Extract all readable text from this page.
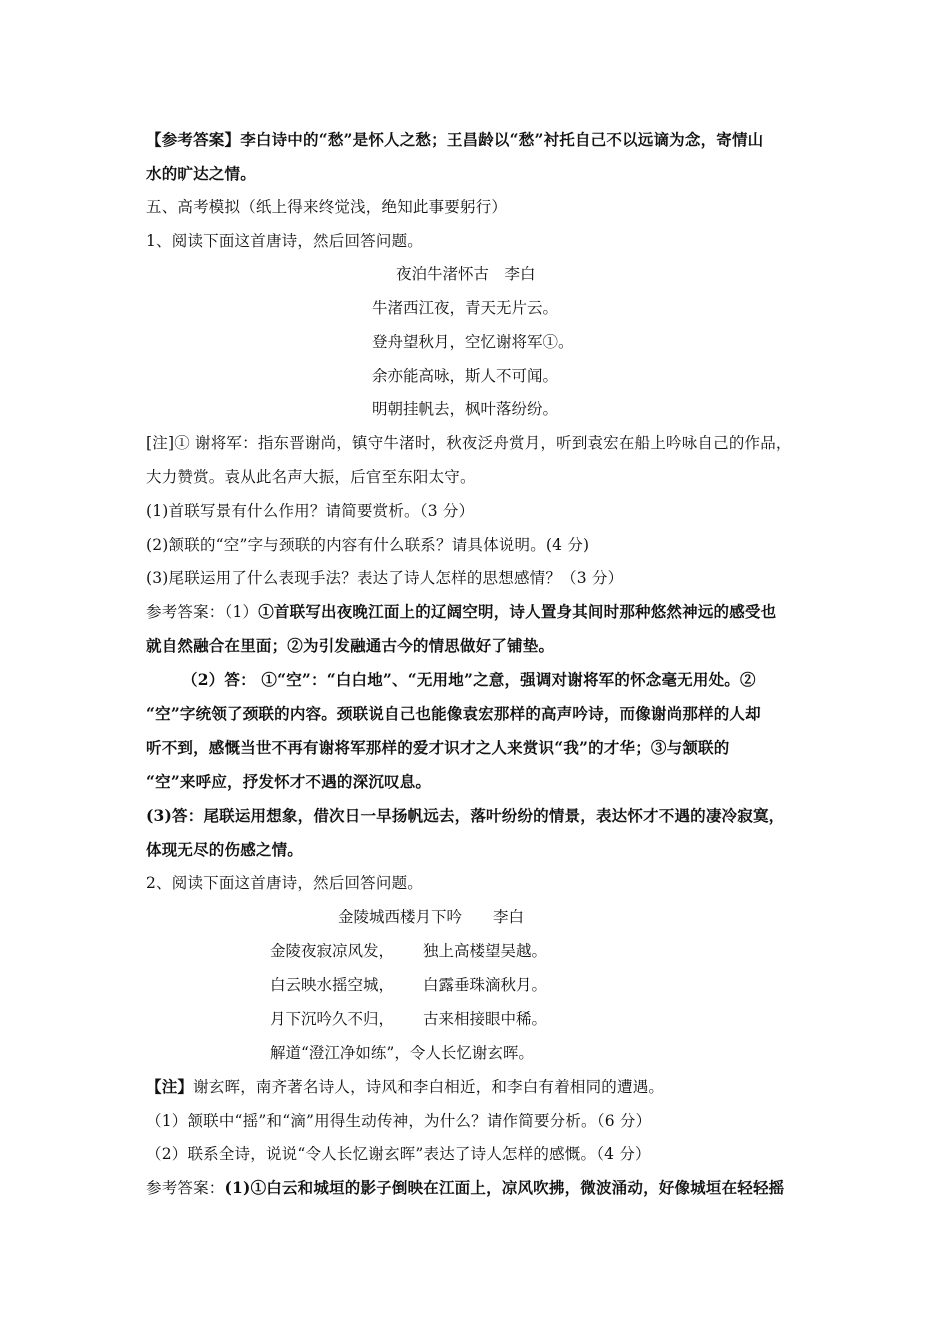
【参考答案】李白诗中的“愁”是怀人之愁；王昌龄以“愁”衬托自己不以远谪为念，寄情山
水的旷达之情。
五、高考模拟（纸上得来终觉浅，绝知此事要躬行）
1、阅读下面这首唐诗，然后回答问题。
夜泊牛渚怀古　李白
牛渚西江夜，青天无片云。
登舟望秋月，空忆谢将军①。
余亦能高咏，斯人不可闻。
明朝挂帆去，枫叶落纷纷。
[注]① 谢将军：指东晋谢尚，镇守牛渚时，秋夜泛舟赏月，听到袁宏在船上吟咏自己的作品，
大力赞赏。袁从此名声大振，后官至东阳太守。
(1)首联写景有什么作用？请简要赏析。（3 分）
(2)颔联的“空”字与颈联的内容有什么联系？请具体说明。(4 分)
(3)尾联运用了什么表现手法？表达了诗人怎样的思想感情？（3 分）
参考答案：（1）①首联写出夜晚江面上的辽阔空明，诗人置身其间时那种悠然神远的感受也
就自然融合在里面；②为引发融通古今的情思做好了铺垫。
（2）答： ①“空”：“白白地”、“无用地”之意，强调对谢将军的怀念毫无用处。②
“空”字统领了颈联的内容。颈联说自己也能像袁宏那样的高声吟诗，而像谢尚那样的人却
听不到，感慨当世不再有谢将军那样的爱才识才之人来赏识“我”的才华；③与颔联的
“空”来呼应，抒发怀才不遇的深沉叹息。
(3)答：尾联运用想象，借次日一早扬帆远去，落叶纷纷的情景，表达怀才不遇的凄冷寂寞，
体现无尽的伤感之情。
2、阅读下面这首唐诗，然后回答问题。
金陵城西楼月下吟　　李白
金陵夜寂凉风发， 独上高楼望吴越。
白云映水摇空城， 白露垂珠滴秋月。
月下沉吟久不归， 古来相接眼中稀。
解道“澄江净如练”，令人长忆谢玄晖。
【注】谢玄晖，南齐著名诗人，诗风和李白相近，和李白有着相同的遭遇。
（1）颔联中“摇”和“滴”用得生动传神，为什么？请作简要分析。（6 分）
（2）联系全诗，说说“令人长忆谢玄晖”表达了诗人怎样的感慨。（4 分）
参考答案：(1)①白云和城垣的影子倒映在江面上，凉风吹拂，微波涌动，好像城垣在轻轻摇
